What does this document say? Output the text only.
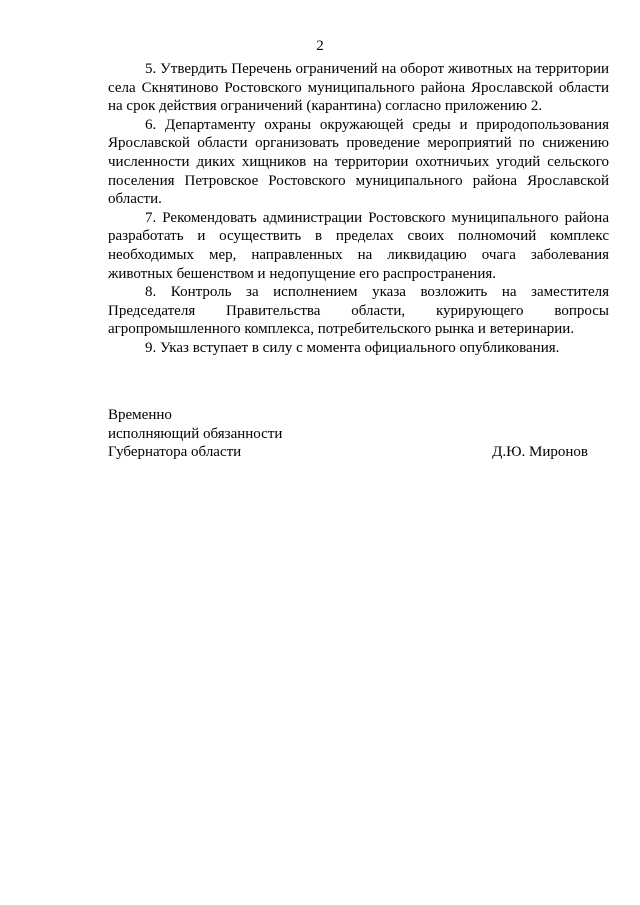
2

5. Утвердить Перечень ограничений на оборот животных на территории села Скнятиново Ростовского муниципального района Ярославской области на срок действия ограничений (карантина) согласно приложению 2.

6. Департаменту охраны окружающей среды и природопользования Ярославской области организовать проведение мероприятий по снижению численности диких хищников на территории охотничьих угодий сельского поселения Петровское Ростовского муниципального района Ярославской области.

7. Рекомендовать администрации Ростовского муниципального района разработать и осуществить в пределах своих полномочий комплекс необходимых мер, направленных на ликвидацию очага заболевания животных бешенством и недопущение его распространения.

8. Контроль за исполнением указа возложить на заместителя Председателя Правительства области, курирующего вопросы агропромышленного комплекса, потребительского рынка и ветеринарии.

9. Указ вступает в силу с момента официального опубликования.

Временно
исполняющий обязанности
Губернатора области	Д.Ю. Миронов
